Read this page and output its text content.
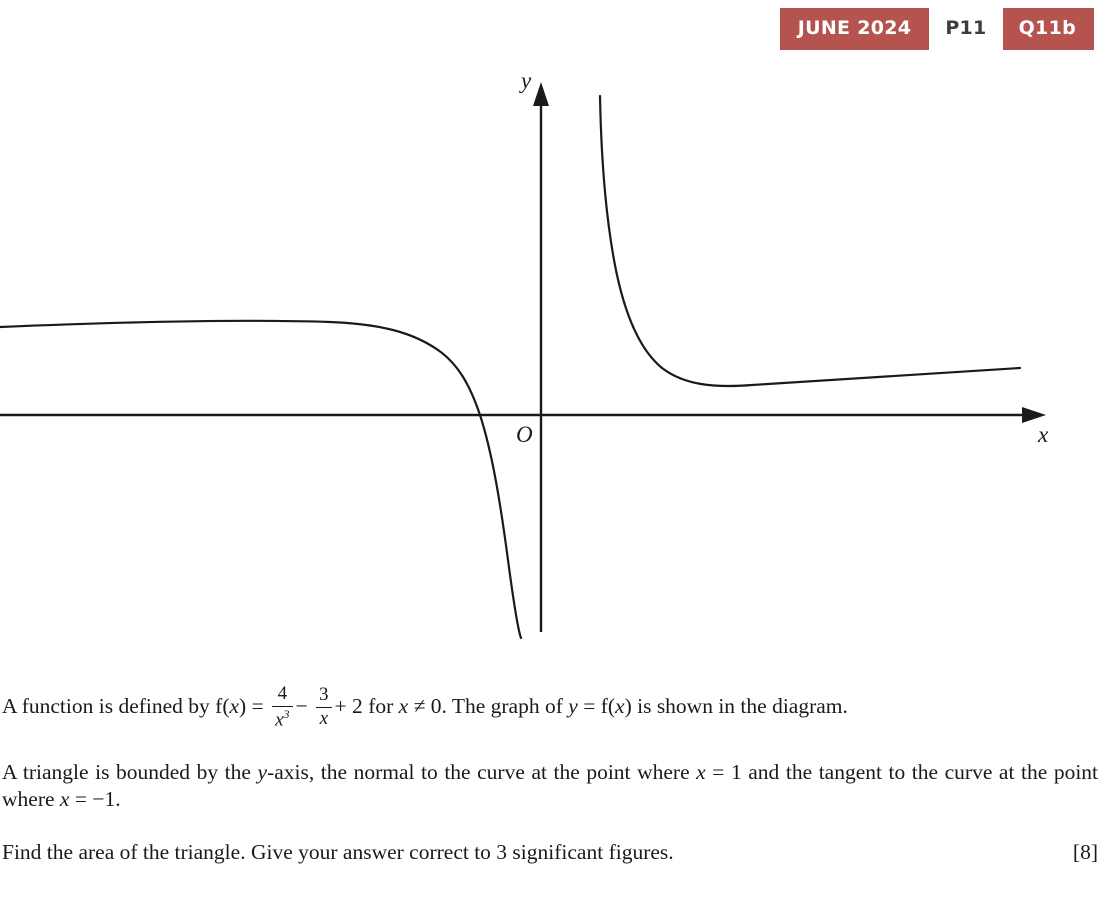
JUNE 2024	P11	Q11b
y
x
O

A function is defined by $f(x) = \frac{4}{x^3} - \frac{3}{x} + 2$ for x ≠ 0. The graph of y = f(x) is shown in the diagram.

A triangle is bounded by the y-axis, the normal to the curve at the point where x = 1 and the tangent to the curve at the point where x = −1.

Find the area of the triangle. Give your answer correct to 3 significant figures.	[8]
